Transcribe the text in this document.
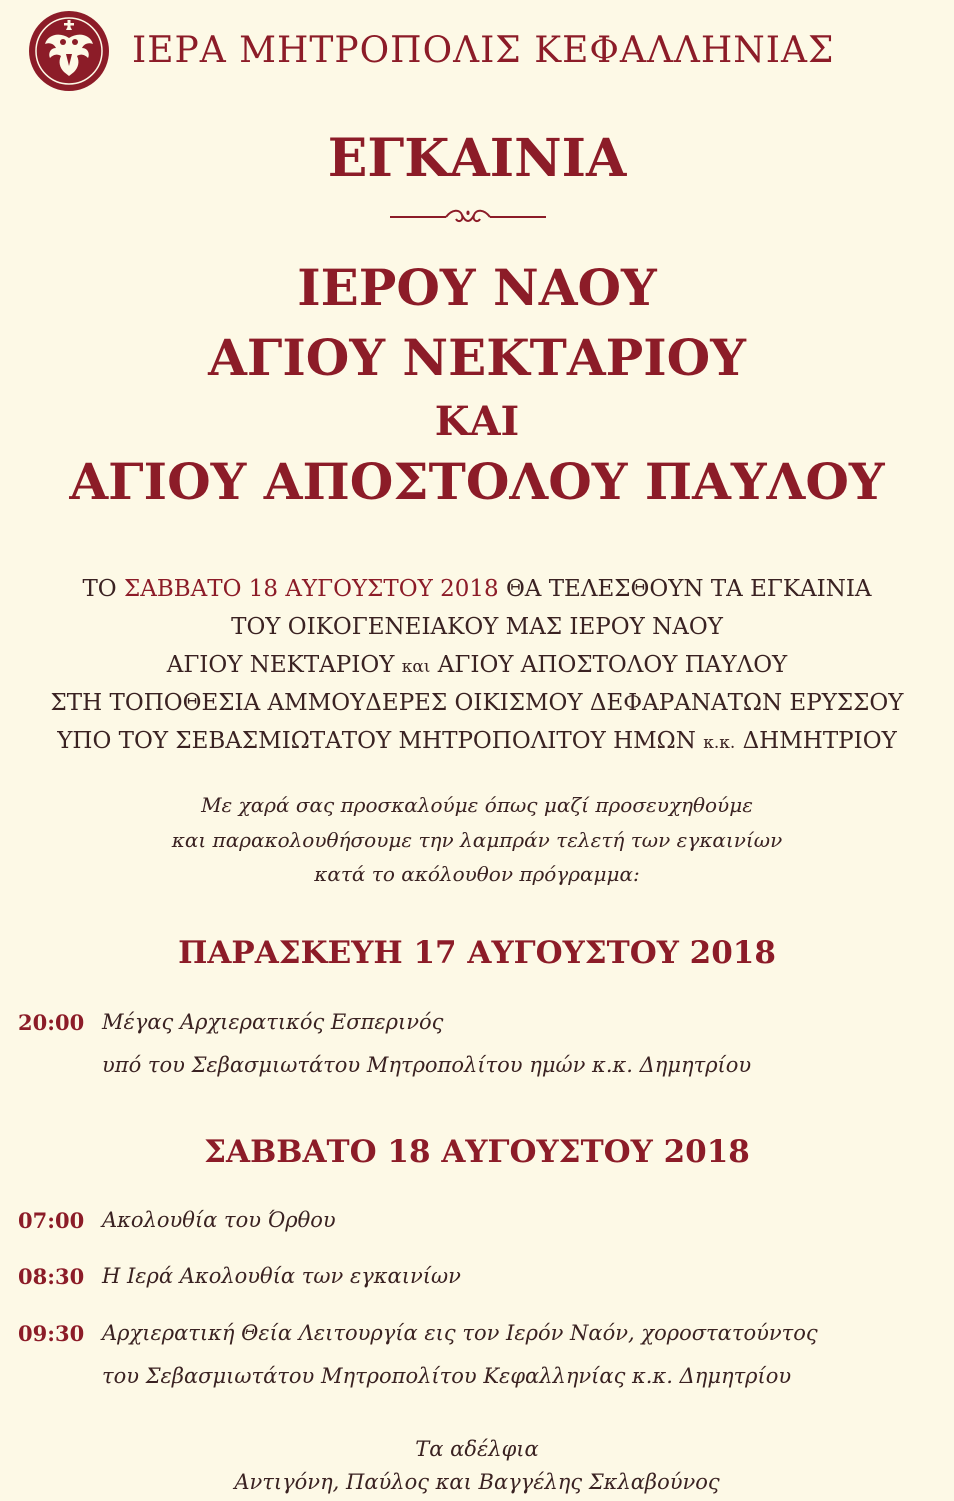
ΙΕΡΑ ΜΗΤΡΟΠΟΛΙΣ ΚΕΦΑΛΛΗΝΙΑΣ
ΕΓΚΑΙΝΙΑ
ΙΕΡΟΥ ΝΑΟΥ
ΑΓΙΟΥ ΝΕΚΤΑΡΙΟΥ
ΚΑΙ
ΑΓΙΟΥ ΑΠΟΣΤΟΛΟΥ ΠΑΥΛΟΥ
ΤΟ ΣΑΒΒΑΤΟ 18 ΑΥΓΟΥΣΤΟΥ 2018 ΘΑ ΤΕΛΕΣΘΟΥΝ ΤΑ ΕΓΚΑΙΝΙΑ
ΤΟΥ ΟΙΚΟΓΕΝΕΙΑΚΟΥ ΜΑΣ ΙΕΡΟΥ ΝΑΟΥ
ΑΓΙΟΥ ΝΕΚΤΑΡΙΟΥ και ΑΓΙΟΥ ΑΠΟΣΤΟΛΟΥ ΠΑΥΛΟΥ
ΣΤΗ ΤΟΠΟΘΕΣΙΑ ΑΜΜΟΥΔΕΡΕΣ ΟΙΚΙΣΜΟΥ ΔΕΦΑΡΑΝΑΤΩΝ ΕΡΥΣΣΟΥ
ΥΠΟ ΤΟΥ ΣΕΒΑΣΜΙΩΤΑΤΟΥ ΜΗΤΡΟΠΟΛΙΤΟΥ ΗΜΩΝ κ.κ. ΔΗΜΗΤΡΙΟΥ
Με χαρά σας προσκαλούμε όπως μαζί προσευχηθούμε
και παρακολουθήσουμε την λαμπράν τελετή των εγκαινίων
κατά το ακόλουθον πρόγραμμα:
ΠΑΡΑΣΚΕΥΗ 17 ΑΥΓΟΥΣΤΟΥ 2018
20:00 Μέγας Αρχιερατικός Εσπερινός
υπό του Σεβασμιωτάτου Μητροπολίτου ημών κ.κ. Δημητρίου
ΣΑΒΒΑΤΟ 18 ΑΥΓΟΥΣΤΟΥ 2018
07:00 Ακολουθία του Όρθου
08:30 Η Ιερά Ακολουθία των εγκαινίων
09:30 Αρχιερατική Θεία Λειτουργία εις τον Ιερόν Ναόν, χοροστατούντος
του Σεβασμιωτάτου Μητροπολίτου Κεφαλληνίας κ.κ. Δημητρίου
Τα αδέλφια
Αντιγόνη, Παύλος και Βαγγέλης Σκλαβούνος
